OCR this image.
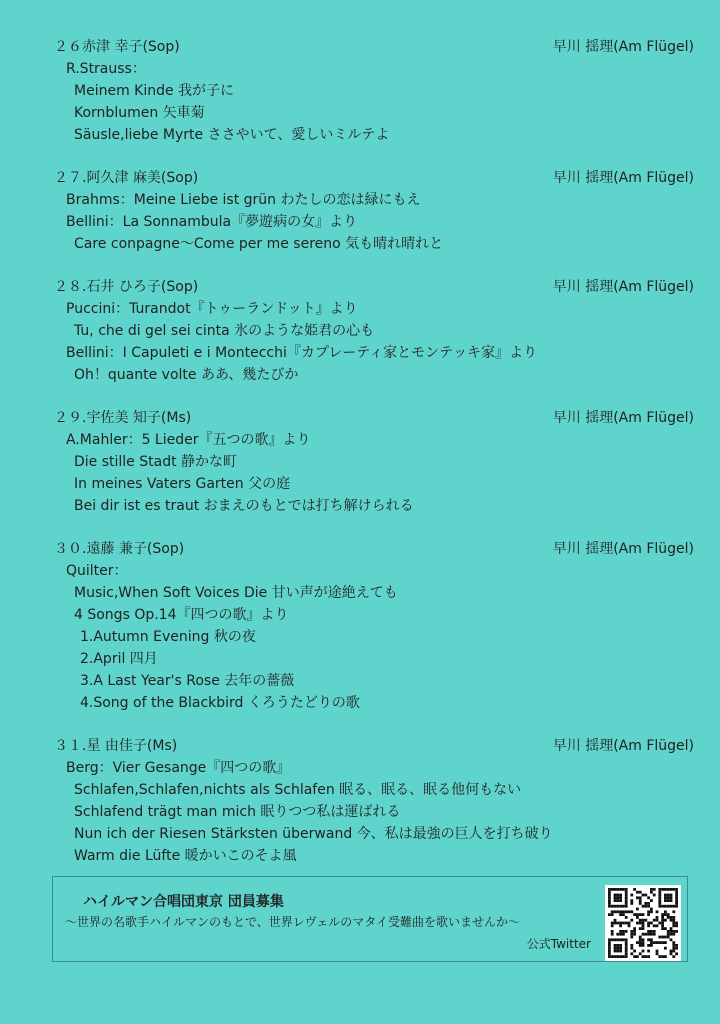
２６赤津 幸子(Sop)	早川 揺理(Am Flügel)
R.Strauss：
Meinem Kinde 我が子に
Kornblumen 矢車菊
Säusle,liebe Myrte ささやいて、愛しいミルテよ
２７.阿久津 麻美(Sop)	早川 揺理(Am Flügel)
Brahms：Meine Liebe ist grün わたしの恋は緑にもえ
Bellini：La Sonnambula『夢遊病の女』より
Care conpagne～Come per me sereno 気も晴れ晴れと
２８.石井 ひろ子(Sop)	早川 揺理(Am Flügel)
Puccini：Turandot『トゥーランドット』より
Tu, che di gel sei cinta 氷のような姫君の心も
Bellini：I Capuleti e i Montecchi『カプレーティ家とモンテッキ家』より
Oh！quante volte ああ、幾たびか
２９.宇佐美 知子(Ms)	早川 揺理(Am Flügel)
A.Mahler：5 Lieder『五つの歌』より
Die stille Stadt 静かな町
In meines Vaters Garten 父の庭
Bei dir ist es traut おまえのもとでは打ち解けられる
３０.遠藤 兼子(Sop)	早川 揺理(Am Flügel)
Quilter：
Music,When Soft Voices Die 甘い声が途絶えても
4 Songs Op.14『四つの歌』より
1.Autumn Evening 秋の夜
2.April 四月
3.A Last Year's Rose 去年の薔薇
4.Song of the Blackbird くろうたどりの歌
３１.星 由佳子(Ms)	早川 揺理(Am Flügel)
Berg：Vier Gesange『四つの歌』
Schlafen,Schlafen,nichts als Schlafen 眠る、眠る、眠る他何もない
Schlafend trägt man mich 眠りつつ私は運ばれる
Nun ich der Riesen Stärksten überwand 今、私は最強の巨人を打ち破り
Warm die Lüfte 暖かいこのそよ風
ハイルマン合唱団東京 団員募集
～世界の名歌手ハイルマンのもとで、世界レヴェルのマタイ受難曲を歌いませんか～
公式Twitter
